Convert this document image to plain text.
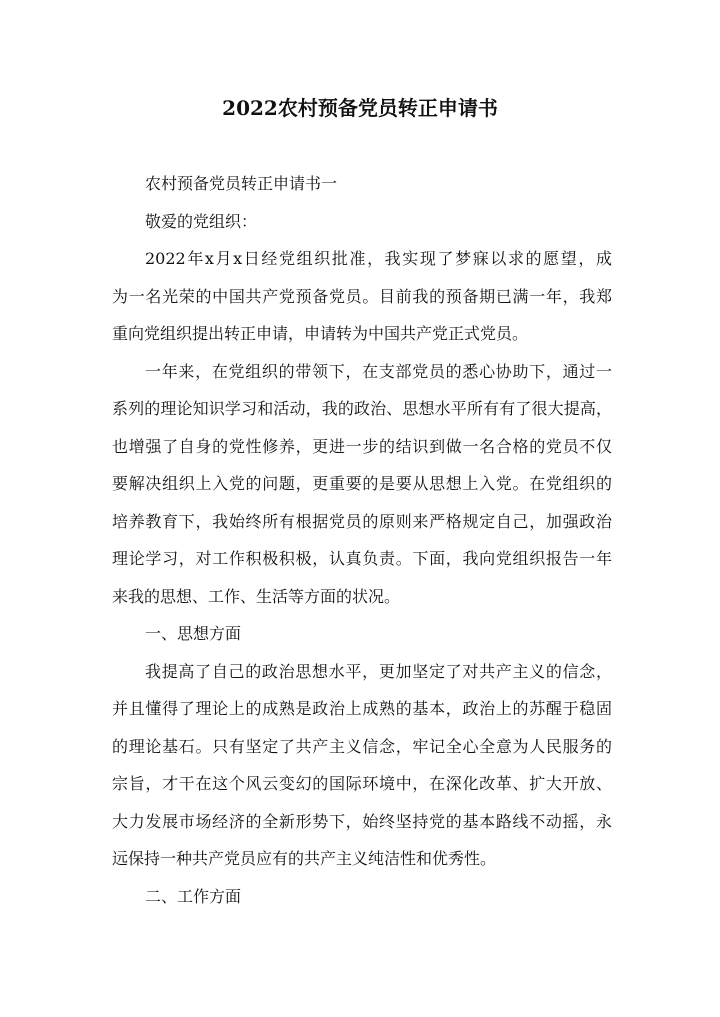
2022农村预备党员转正申请书
农村预备党员转正申请书一
敬爱的党组织：
2022年x月x日经党组织批准，我实现了梦寐以求的愿望，成
为一名光荣的中国共产党预备党员。目前我的预备期已满一年，我郑
重向党组织提出转正申请，申请转为中国共产党正式党员。
一年来，在党组织的带领下，在支部党员的悉心协助下，通过一
系列的理论知识学习和活动，我的政治、思想水平所有有了很大提高，
也增强了自身的党性修养，更进一步的结识到做一名合格的党员不仅
要解决组织上入党的问题，更重要的是要从思想上入党。在党组织的
培养教育下，我始终所有根据党员的原则来严格规定自己，加强政治
理论学习，对工作积极积极，认真负责。下面，我向党组织报告一年
来我的思想、工作、生活等方面的状况。
一、思想方面
我提高了自己的政治思想水平，更加坚定了对共产主义的信念，
并且懂得了理论上的成熟是政治上成熟的基本，政治上的苏醒于稳固
的理论基石。只有坚定了共产主义信念，牢记全心全意为人民服务的
宗旨，才干在这个风云变幻的国际环境中，在深化改革、扩大开放、
大力发展市场经济的全新形势下，始终坚持党的基本路线不动摇，永
远保持一种共产党员应有的共产主义纯洁性和优秀性。
二、工作方面
